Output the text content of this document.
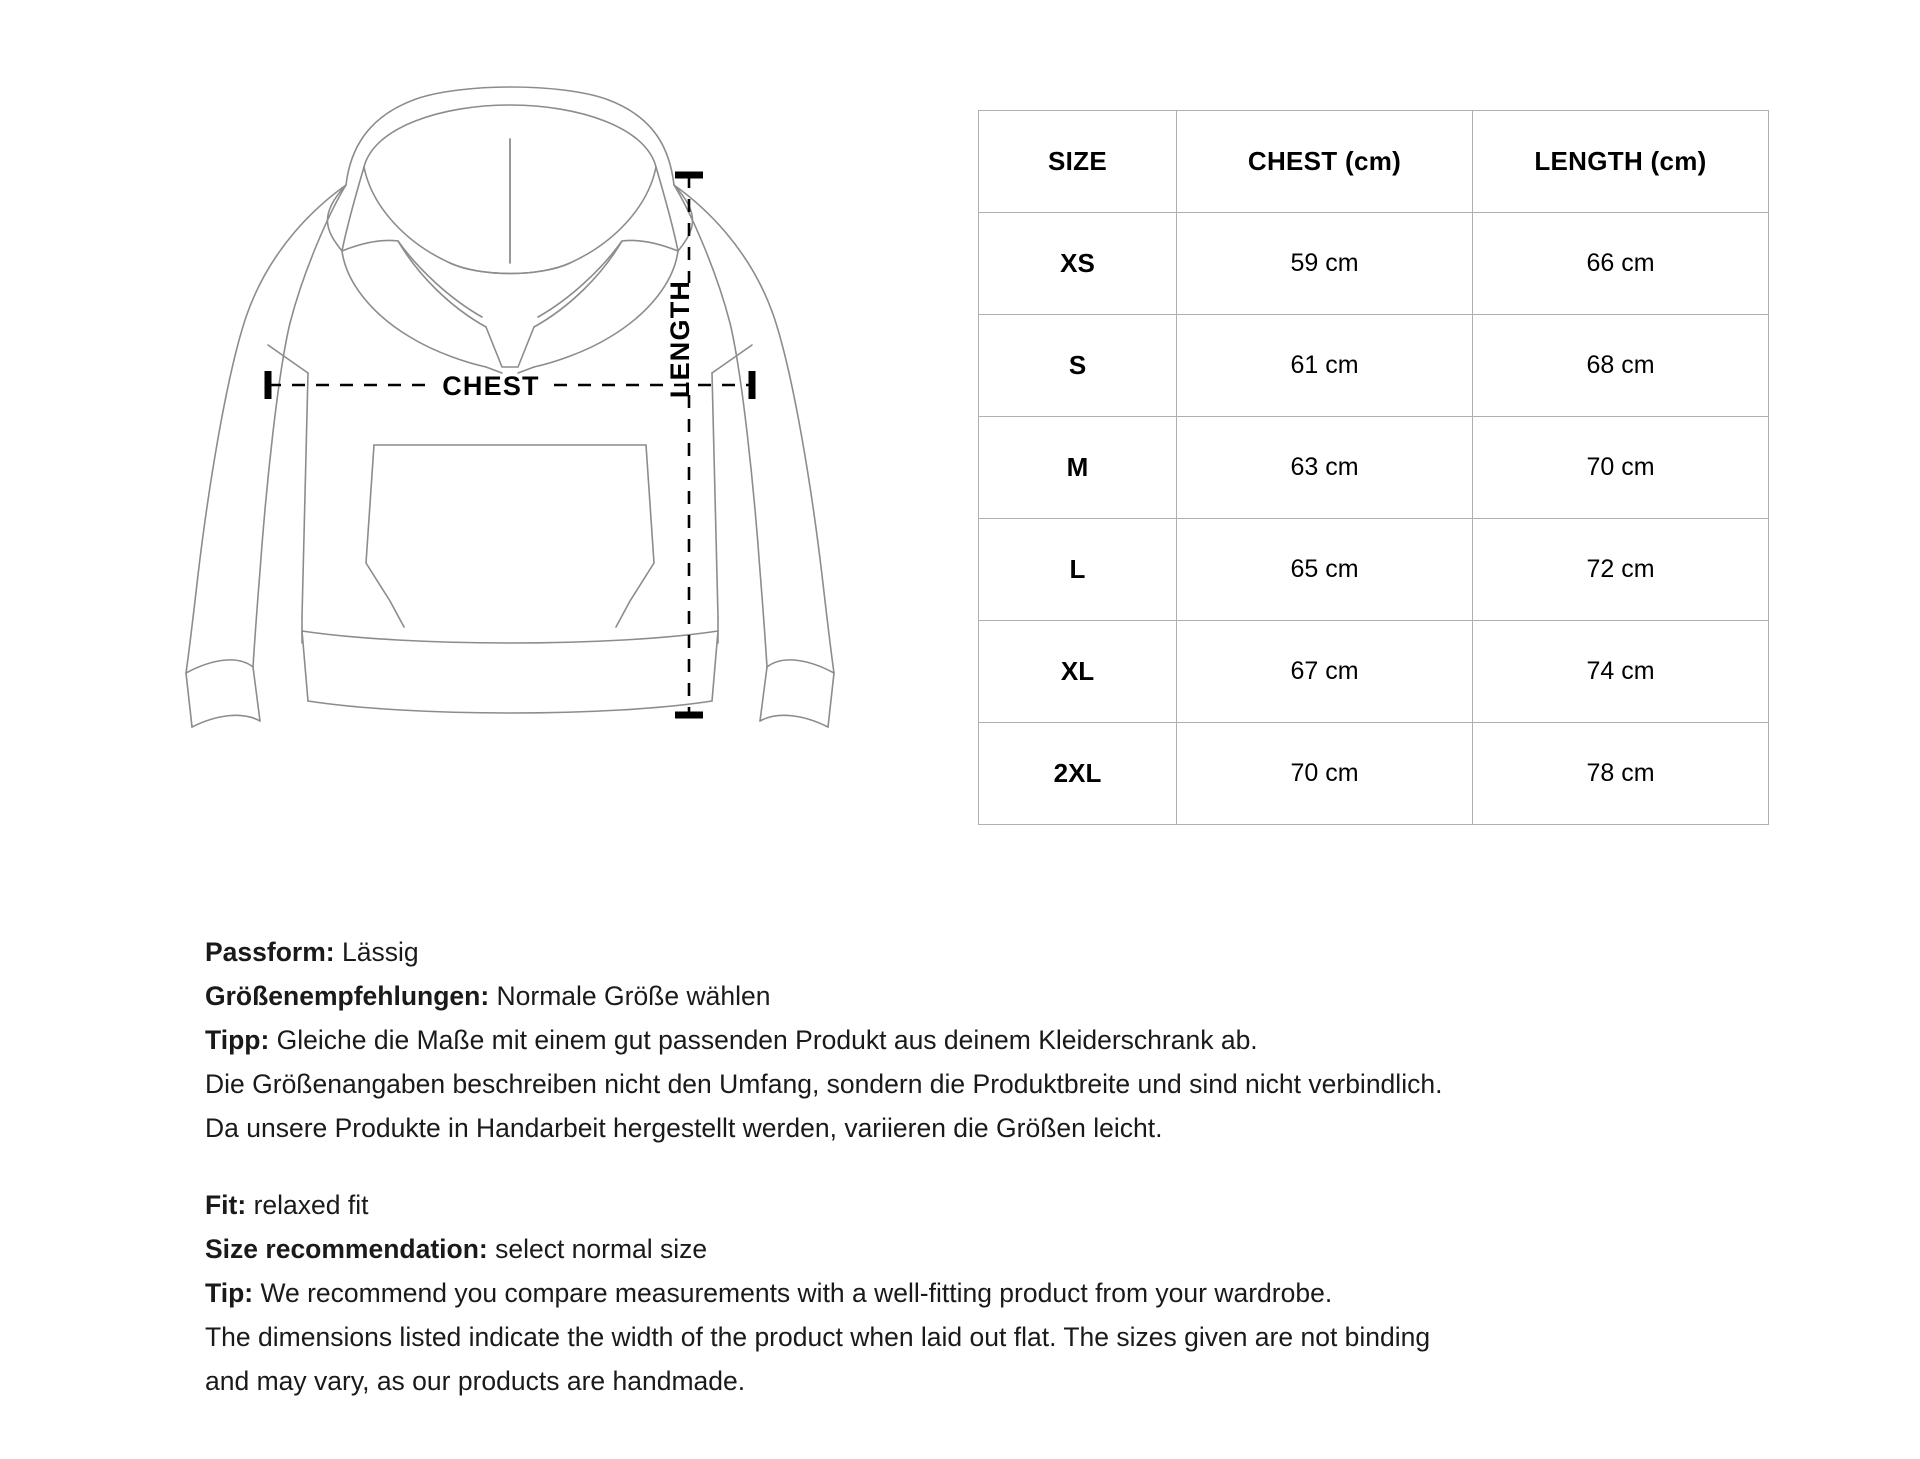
CHEST	LENGTH
SIZE	CHEST (cm)	LENGTH (cm)
XS	59 cm	66 cm
S	61 cm	68 cm
M	63 cm	70 cm
L	65 cm	72 cm
XL	67 cm	74 cm
2XL	70 cm	78 cm
Passform: Lässig
Größenempfehlungen: Normale Größe wählen
Tipp: Gleiche die Maße mit einem gut passenden Produkt aus deinem Kleiderschrank ab.
Die Größenangaben beschreiben nicht den Umfang, sondern die Produktbreite und sind nicht verbindlich.
Da unsere Produkte in Handarbeit hergestellt werden, variieren die Größen leicht.
Fit: relaxed fit
Size recommendation: select normal size
Tip: We recommend you compare measurements with a well-fitting product from your wardrobe.
The dimensions listed indicate the width of the product when laid out flat. The sizes given are not binding
and may vary, as our products are handmade.
